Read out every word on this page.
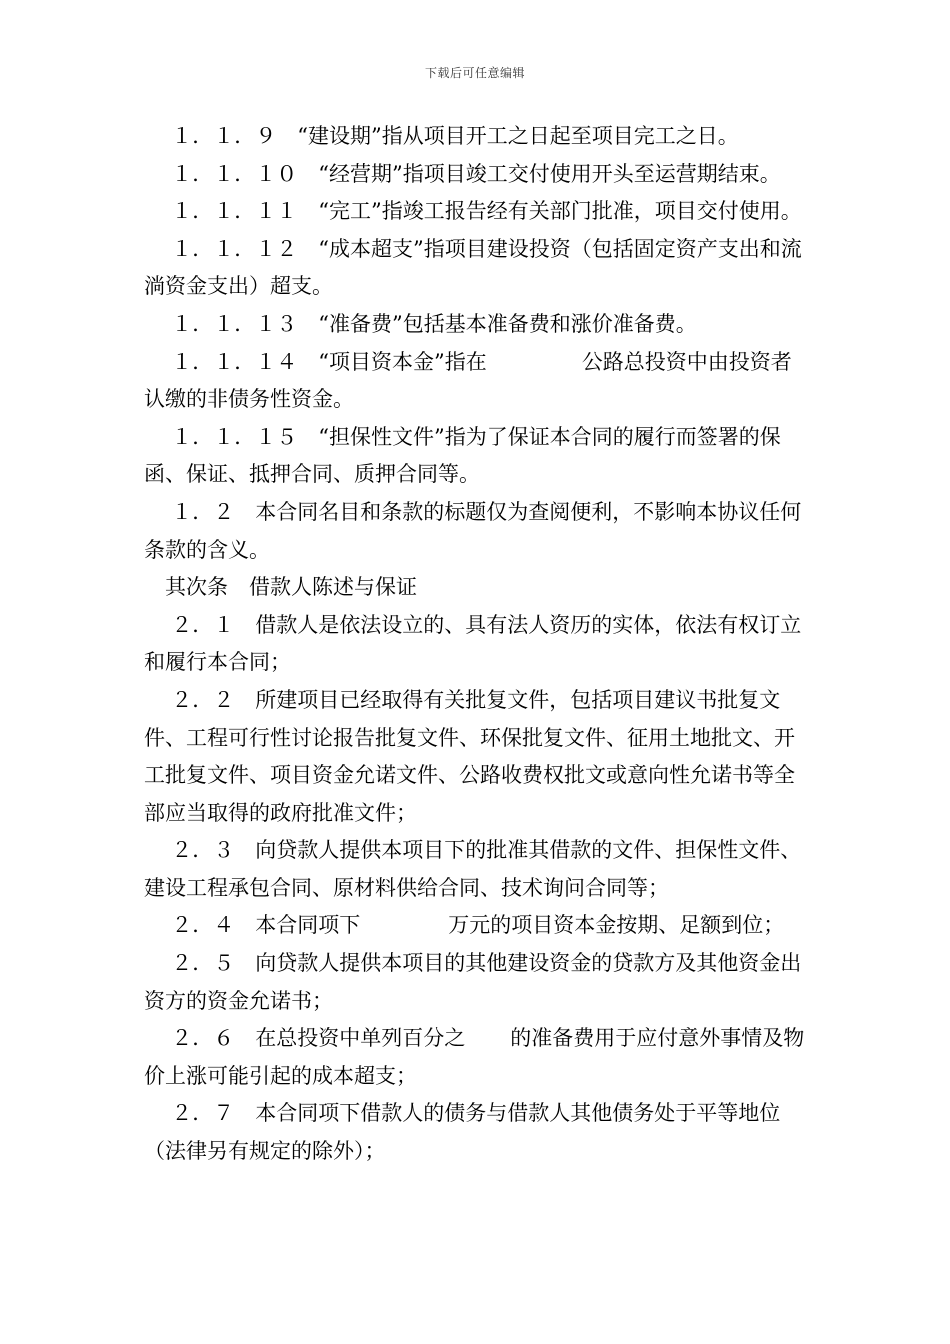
下载后可任意编辑

１．１．９　“建设期”指从项目开工之日起至项目完工之日。

１．１．１０　“经营期”指项目竣工交付使用开头至运营期结束。

１．１．１１　“完工”指竣工报告经有关部门批准，项目交付使用。

１．１．１２　“成本超支”指项目建设投资（包括固定资产支出和流淌资金支出）超支。

１．１．１３　“准备费”包括基本准备费和涨价准备费。

１．１．１４　“项目资本金”指在	公路总投资中由投资者认缴的非债务性资金。

１．１．１５　“担保性文件”指为了保证本合同的履行而签署的保函、保证、抵押合同、质押合同等。

１．２　本合同名目和条款的标题仅为查阅便利，不影响本协议任何条款的含义。

其次条　借款人陈述与保证

２．１　借款人是依法设立的、具有法人资历的实体，依法有权订立和履行本合同；

２．２　所建项目已经取得有关批复文件，包括项目建议书批复文件、工程可行性讨论报告批复文件、环保批复文件、征用土地批文、开工批复文件、项目资金允诺文件、公路收费权批文或意向性允诺书等全部应当取得的政府批准文件；

２．３　向贷款人提供本项目下的批准其借款的文件、担保性文件、建设工程承包合同、原材料供给合同、技术询问合同等；

２．４　本合同项下	万元的项目资本金按期、足额到位；

２．５　向贷款人提供本项目的其他建设资金的贷款方及其他资金出资方的资金允诺书；

２．６　在总投资中单列百分之 的准备费用于应付意外事情及物价上涨可能引起的成本超支；

２．７　本合同项下借款人的债务与借款人其他债务处于平等地位（法律另有规定的除外）；
